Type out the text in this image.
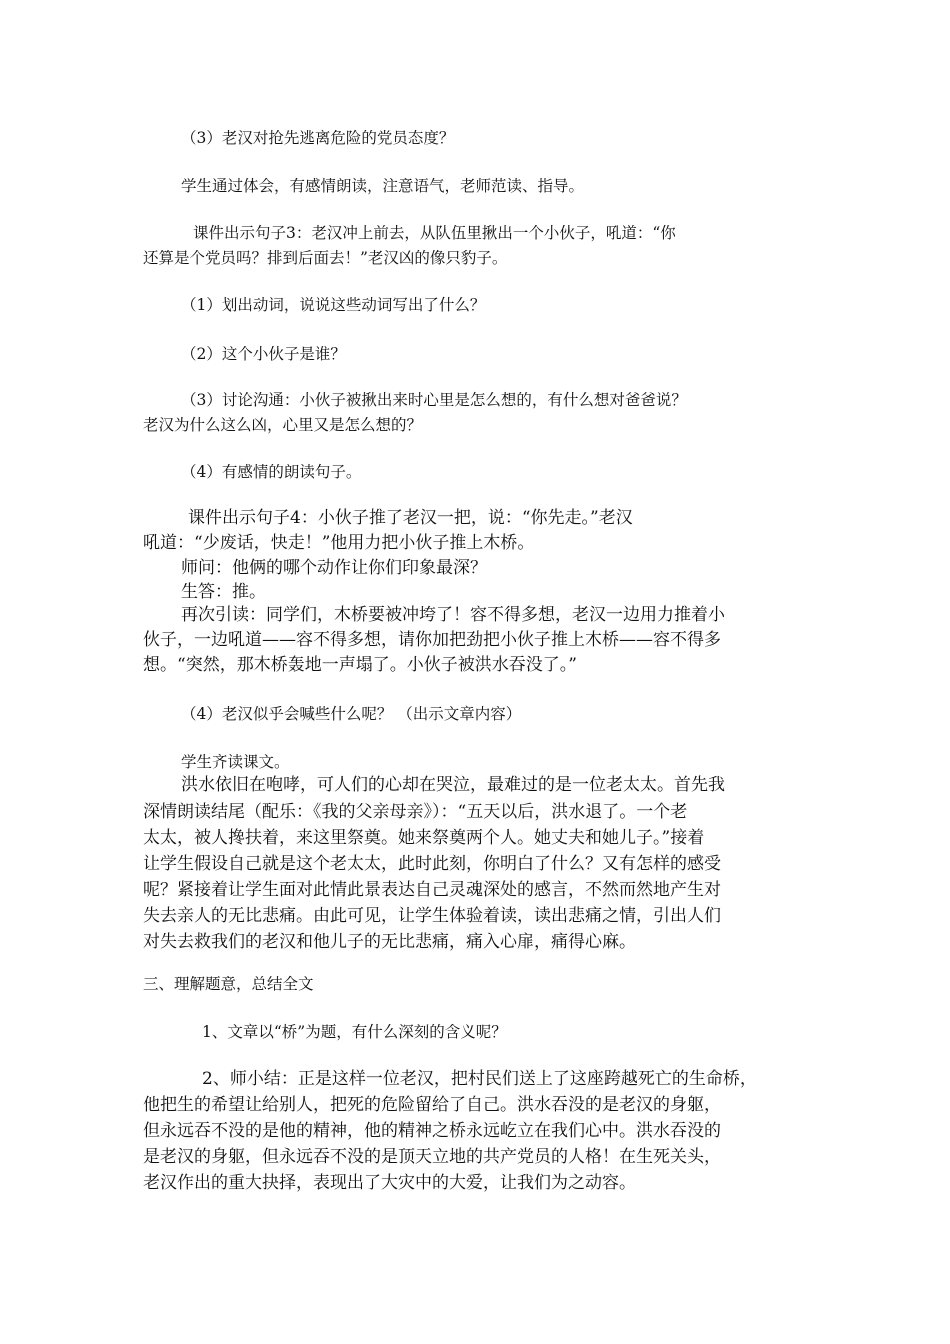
（3）老汉对抢先逃离危险的党员态度？
学生通过体会，有感情朗读，注意语气，老师范读、指导。
课件出示句子3：老汉冲上前去，从队伍里揪出一个小伙子，吼道：“你
还算是个党员吗？排到后面去！”老汉凶的像只豹子。
（1）划出动词，说说这些动词写出了什么？
（2）这个小伙子是谁？
（3）讨论沟通：小伙子被揪出来时心里是怎么想的，有什么想对爸爸说？
老汉为什么这么凶，心里又是怎么想的？
（4）有感情的朗读句子。
课件出示句子4：小伙子推了老汉一把，说：“你先走。”老汉
吼道：“少废话，快走！”他用力把小伙子推上木桥。
师问：他俩的哪个动作让你们印象最深？
生答：推。
再次引读：同学们，木桥要被冲垮了！容不得多想，老汉一边用力推着小
伙子，一边吼道——容不得多想，请你加把劲把小伙子推上木桥——容不得多
想。“突然，那木桥轰地一声塌了。小伙子被洪水吞没了。”
（4）老汉似乎会喊些什么呢？ （出示文章内容）
学生齐读课文。
洪水依旧在咆哮，可人们的心却在哭泣，最难过的是一位老太太。首先我
深情朗读结尾（配乐：《我的父亲母亲》）：“五天以后，洪水退了。一个老
太太，被人搀扶着，来这里祭奠。她来祭奠两个人。她丈夫和她儿子。”接着
让学生假设自己就是这个老太太，此时此刻，你明白了什么？又有怎样的感受
呢？紧接着让学生面对此情此景表达自己灵魂深处的感言，不然而然地产生对
失去亲人的无比悲痛。由此可见，让学生体验着读，读出悲痛之情，引出人们
对失去救我们的老汉和他儿子的无比悲痛，痛入心扉，痛得心麻。
三、理解题意，总结全文
1、文章以“桥”为题，有什么深刻的含义呢？
2、师小结：正是这样一位老汉，把村民们送上了这座跨越死亡的生命桥，
他把生的希望让给别人，把死的危险留给了自己。洪水吞没的是老汉的身躯，
但永远吞不没的是他的精神，他的精神之桥永远屹立在我们心中。洪水吞没的
是老汉的身躯，但永远吞不没的是顶天立地的共产党员的人格！在生死关头，
老汉作出的重大抉择，表现出了大灾中的大爱，让我们为之动容。
